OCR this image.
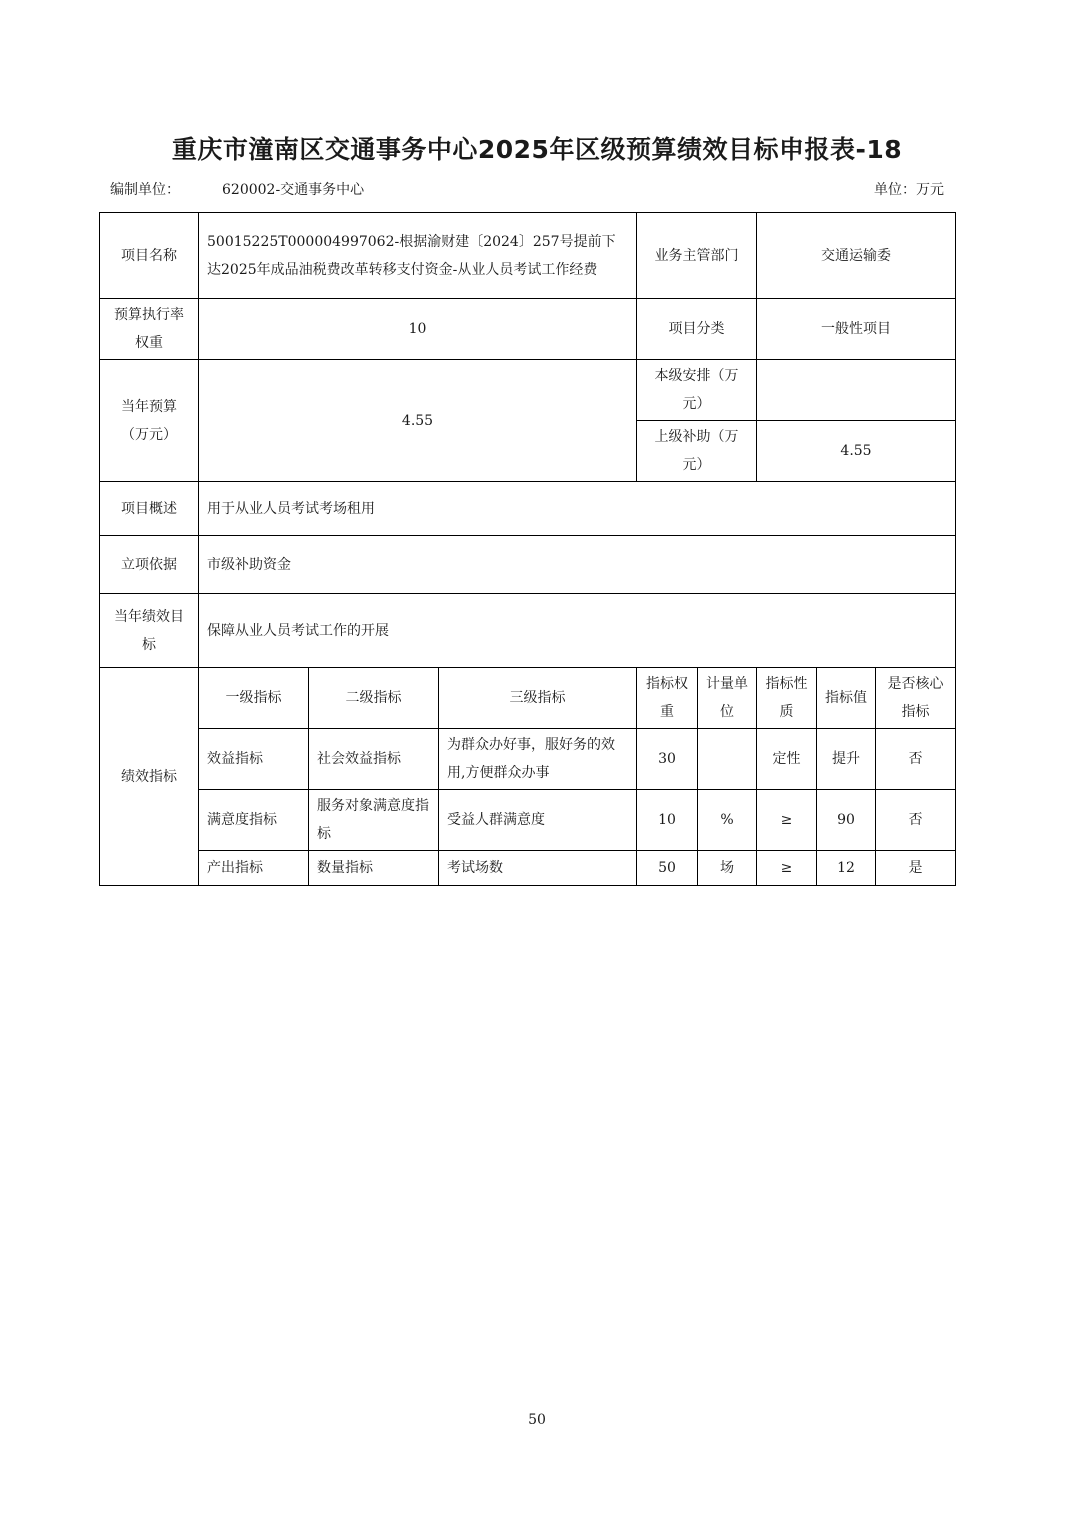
重庆市潼南区交通事务中心2025年区级预算绩效目标申报表-18
编制单位：	620002-交通事务中心	单位：万元
项目名称	50015225T000004997062-根据渝财建〔2024〕257号提前下达2025年成品油税费改革转移支付资金-从业人员考试工作经费			业务主管部门		交通运输委		
预算执行率权重	10			项目分类		一般性项目		
当年预算（万元）	4.55			本级安排（万元）				
				上级补助（万元）		4.55		
项目概述	用于从业人员考试考场租用							
立项依据	市级补助资金							
当年绩效目标	保障从业人员考试工作的开展							
绩效指标	一级指标	二级指标	三级指标	指标权重	计量单位	指标性质	指标值	是否核心指标
	效益指标	社会效益指标	为群众办好事，服好务的效用,方便群众办事	30		定性	提升	否
	满意度指标	服务对象满意度指标	受益人群满意度	10	%	≥	90	否
	产出指标	数量指标	考试场数	50	场	≥	12	是
50
